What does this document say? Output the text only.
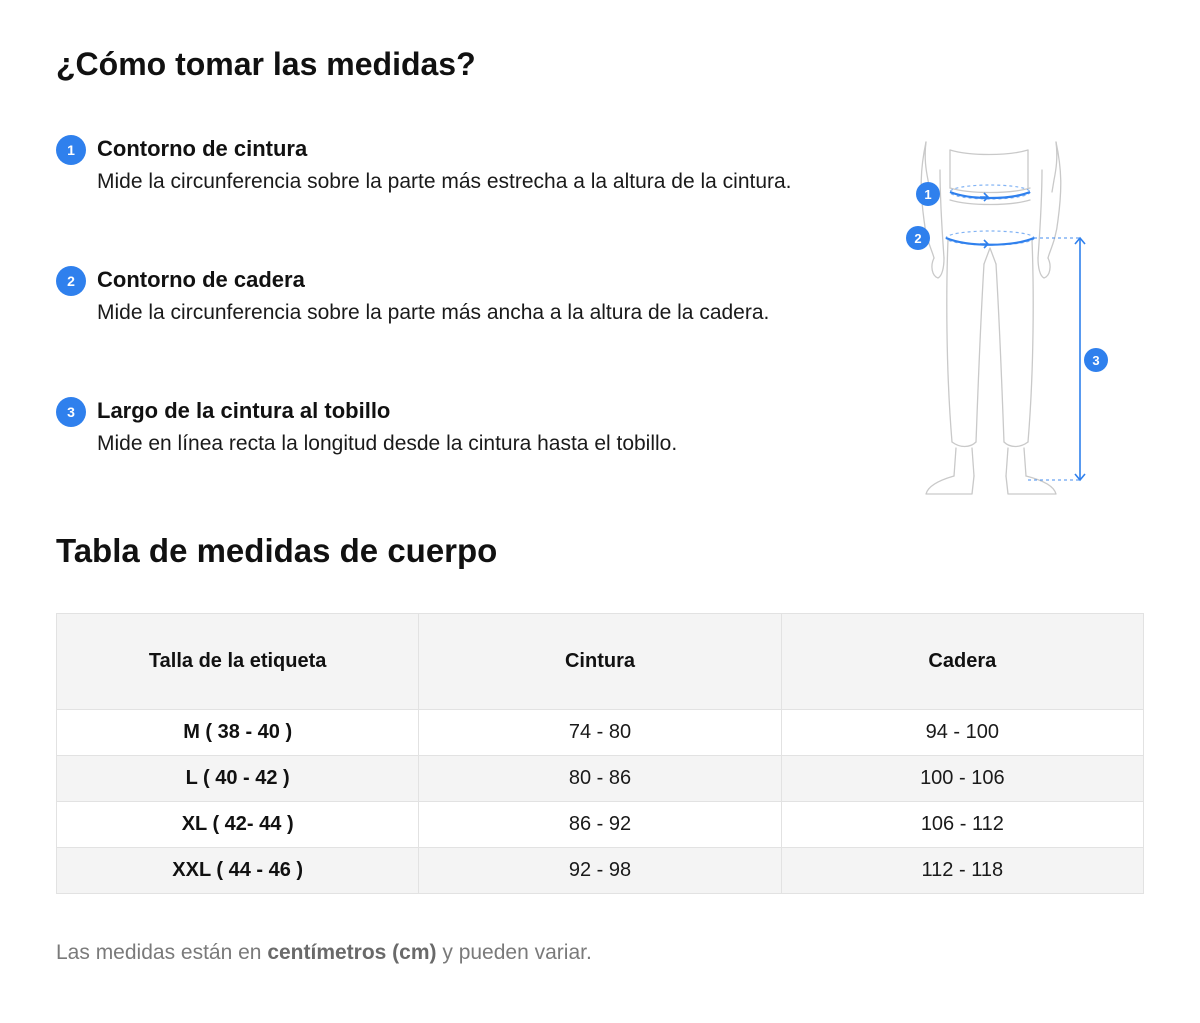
¿Cómo tomar las medidas?
1	Contorno de cintura
Mide la circunferencia sobre la parte más estrecha a la altura de la cintura.
2	Contorno de cadera
Mide la circunferencia sobre la parte más ancha a la altura de la cadera.
3	Largo de la cintura al tobillo
Mide en línea recta la longitud desde la cintura hasta el tobillo.
1
2
3
Tabla de medidas de cuerpo
Talla de la etiqueta	Cintura	Cadera
M ( 38 - 40 )	74 - 80	94 - 100
L ( 40 - 42 )	80 - 86	100 - 106
XL ( 42- 44 )	86 - 92	106 - 112
XXL ( 44 - 46 )	92 - 98	112 - 118
Las medidas están en centímetros (cm) y pueden variar.
